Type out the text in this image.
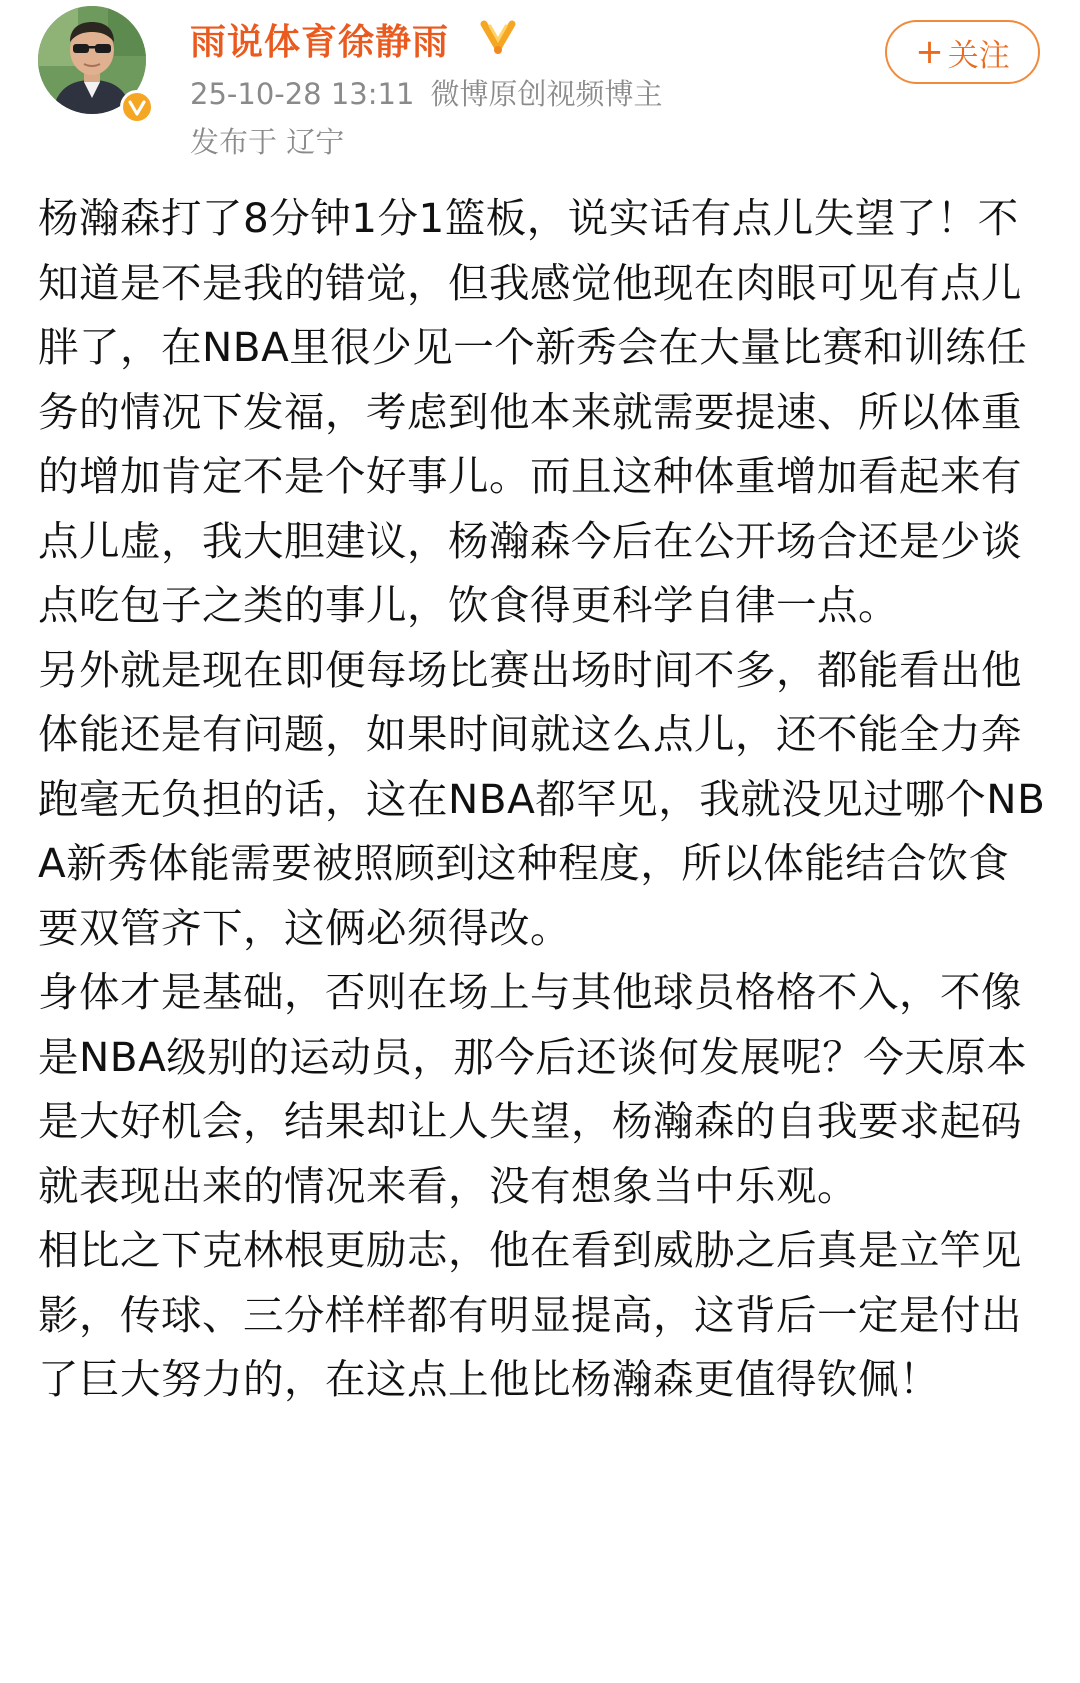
雨说体育徐静雨
25-10-28 13:11 微博原创视频博主
发布于 辽宁
+ 关注

杨瀚森打了8分钟1分1篮板，说实话有点儿失望了！不知道是不是我的错觉，但我感觉他现在肉眼可见有点儿胖了，在NBA里很少见一个新秀会在大量比赛和训练任务的情况下发福，考虑到他本来就需要提速、所以体重的增加肯定不是个好事儿。而且这种体重增加看起来有点儿虚，我大胆建议，杨瀚森今后在公开场合还是少谈点吃包子之类的事儿，饮食得更科学自律一点。

另外就是现在即便每场比赛出场时间不多，都能看出他体能还是有问题，如果时间就这么点儿，还不能全力奔跑毫无负担的话，这在NBA都罕见，我就没见过哪个NBA新秀体能需要被照顾到这种程度，所以体能结合饮食要双管齐下，这俩必须得改。

身体才是基础，否则在场上与其他球员格格不入，不像是NBA级别的运动员，那今后还谈何发展呢？今天原本是大好机会，结果却让人失望，杨瀚森的自我要求起码就表现出来的情况来看，没有想象当中乐观。

相比之下克林根更励志，他在看到威胁之后真是立竿见影，传球、三分样样都有明显提高，这背后一定是付出了巨大努力的，在这点上他比杨瀚森更值得钦佩！
